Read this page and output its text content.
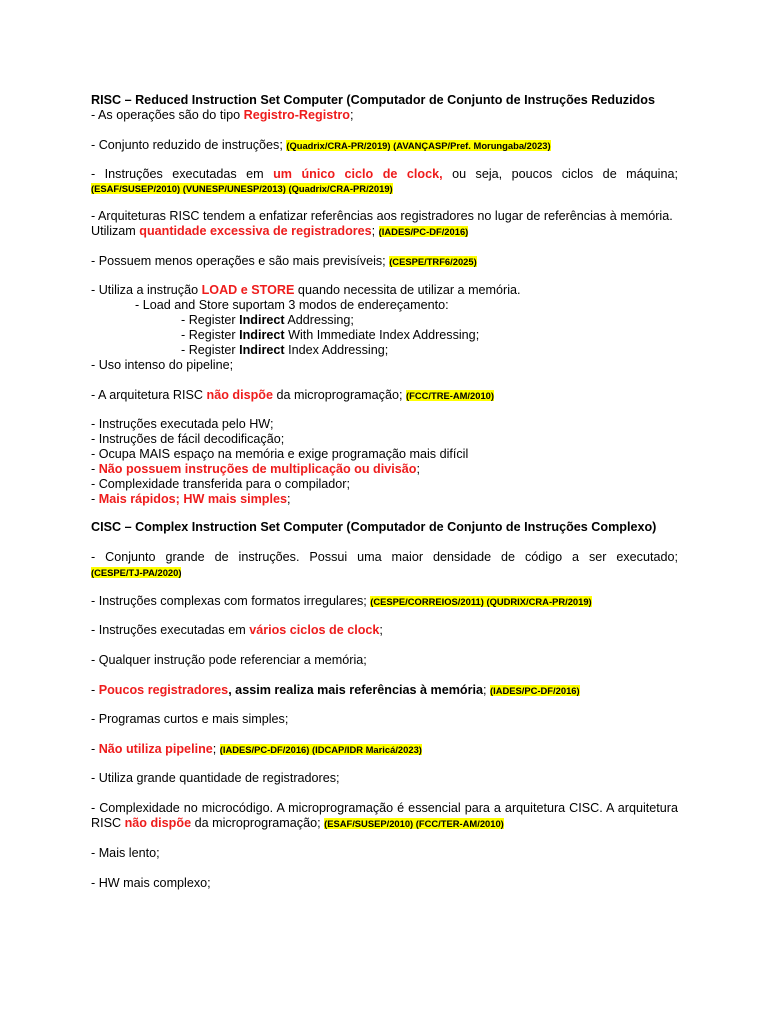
RISC – Reduced Instruction Set Computer (Computador de Conjunto de Instruções Reduzidos
- As operações são do tipo Registro-Registro;
- Conjunto reduzido de instruções; (Quadrix/CRA-PR/2019) (AVANÇASP/Pref. Morungaba/2023)
- Instruções executadas em um único ciclo de clock, ou seja, poucos ciclos de máquina;
(ESAF/SUSEP/2010) (VUNESP/UNESP/2013) (Quadrix/CRA-PR/2019)
- Arquiteturas RISC tendem a enfatizar referências aos registradores no lugar de referências à memória.
Utilizam quantidade excessiva de registradores; (IADES/PC-DF/2016)
- Possuem menos operações e são mais previsíveis; (CESPE/TRF6/2025)
- Utiliza a instrução LOAD e STORE quando necessita de utilizar a memória.
- Load and Store suportam 3 modos de endereçamento:
- Register Indirect Addressing;
- Register Indirect With Immediate Index Addressing;
- Register Indirect Index Addressing;
- Uso intenso do pipeline;
- A arquitetura RISC não dispõe da microprogramação; (FCC/TRE-AM/2010)
- Instruções executada pelo HW;
- Instruções de fácil decodificação;
- Ocupa MAIS espaço na memória e exige programação mais difícil
- Não possuem instruções de multiplicação ou divisão;
- Complexidade transferida para o compilador;
- Mais rápidos; HW mais simples;
CISC – Complex Instruction Set Computer (Computador de Conjunto de Instruções Complexo)
- Conjunto grande de instruções. Possui uma maior densidade de código a ser executado;
(CESPE/TJ-PA/2020)
- Instruções complexas com formatos irregulares; (CESPE/CORREIOS/2011) (QUDRIX/CRA-PR/2019)
- Instruções executadas em vários ciclos de clock;
- Qualquer instrução pode referenciar a memória;
- Poucos registradores, assim realiza mais referências à memória; (IADES/PC-DF/2016)
- Programas curtos e mais simples;
- Não utiliza pipeline; (IADES/PC-DF/2016) (IDCAP/IDR Maricá/2023)
- Utiliza grande quantidade de registradores;
- Complexidade no microcódigo. A microprogramação é essencial para a arquitetura CISC. A arquitetura
RISC não dispõe da microprogramação; (ESAF/SUSEP/2010) (FCC/TER-AM/2010)
- Mais lento;
- HW mais complexo;
